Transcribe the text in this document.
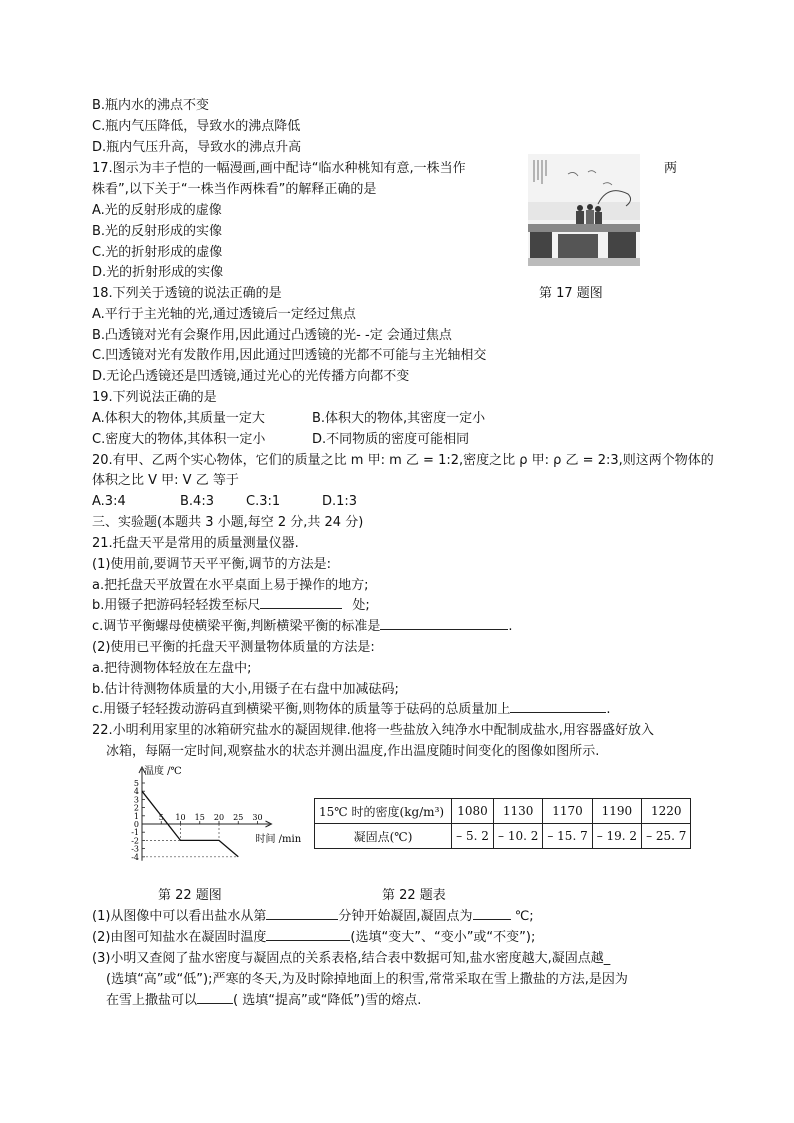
B.瓶内水的沸点不变
C.瓶内气压降低，导致水的沸点降低
D.瓶内气压升高，导致水的沸点升高
17.图示为丰子恺的一幅漫画,画中配诗“临水种桃知有意,一株当作	两
株看”,以下关于“一株当作两株看”的解释正确的是
A.光的反射形成的虚像
B.光的反射形成的实像
C.光的折射形成的虚像
D.光的折射形成的实像
18.下列关于透镜的说法正确的是	第 17 题图
A.平行于主光轴的光,通过透镜后一定经过焦点
B.凸透镜对光有会聚作用,因此通过凸透镜的光- -定 会通过焦点
C.凹透镜对光有发散作用,因此通过凹透镜的光都不可能与主光轴相交
D.无论凸透镜还是凹透镜,通过光心的光传播方向都不变
19.下列说法正确的是
A.体积大的物体,其质量一定大	B.体积大的物体,其密度一定小
C.密度大的物体,其体积一定小	D.不同物质的密度可能相同
20.有甲、乙两个实心物体，它们的质量之比 m 甲: m 乙 = 1:2,密度之比 ρ 甲: ρ 乙 = 2:3,则这两个物体的
体积之比 V 甲: V 乙 等于
A.3:4	B.4:3 C.3:1	D.1:3
三、实验题(本题共 3 小题,每空 2 分,共 24 分)
21.托盘天平是常用的质量测量仪器.
(1)使用前,要调节天平平衡,调节的方法是:
a.把托盘天平放置在水平桌面上易于操作的地方;
b.用镊子把游码轻轻拨至标尺	处;
c.调节平衡螺母使横梁平衡,判断横梁平衡的标准是	.
(2)使用已平衡的托盘天平测量物体质量的方法是:
a.把待测物体轻放在左盘中;
b.估计待测物体质量的大小,用镊子在右盘中加减砝码;
c.用镊子轻轻拨动游码直到横梁平衡,则物体的质量等于砝码的总质量加上	.
22.小明利用家里的冰箱研究盐水的凝固规律.他将一些盐放入纯净水中配制成盐水,用容器盛好放入
冰箱，每隔一定时间,观察盐水的状态并测出温度,作出温度随时间变化的图像如图所示.
温度 /℃
时间 /min
5
4
3
2
1
0
-1
-2
-3
-4
5 10 15 20 25 30	15℃ 时的密度(kg/m³)	1080	1130	1170	1190	1220
凝固点(℃)	– 5. 2	– 10. 2	– 15. 7	– 19. 2	– 25. 7
第 22 题图	第 22 题表
(1)从图像中可以看出盐水从第	分钟开始凝固,凝固点为	℃;
(2)由图可知盐水在凝固时温度	(选填“变大”、“变小”或“不变”);
(3)小明又查阅了盐水密度与凝固点的关系表格,结合表中数据可知,盐水密度越大,凝固点越_
(选填“高”或“低”);严寒的冬天,为及时除掉地面上的积雪,常常采取在雪上撒盐的方法,是因为
在雪上撒盐可以	( 选填“提高”或“降低”)雪的熔点.
